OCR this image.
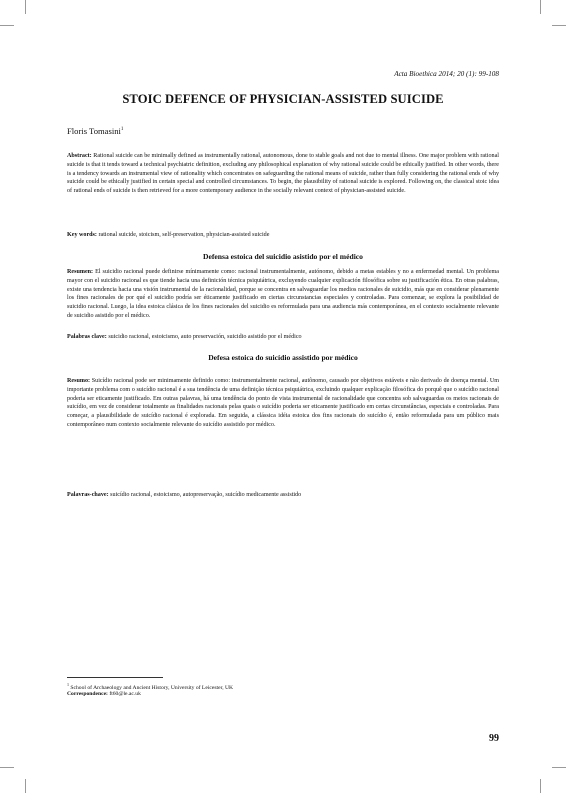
Acta Bioethica 2014; 20 (1): 99-108
STOIC DEFENCE OF PHYSICIAN-ASSISTED SUICIDE
Floris Tomasini$^1$
Abstract: Rational suicide can be minimally defined as instrumentally rational, autonomous, done to stable goals and not due to mental illness. One major problem with rational suicide is that it tends toward a technical psychiatric definition, excluding any philosophical explanation of why rational suicide could be ethically justified. In other words, there is a tendency towards an instrumental view of rationality which concentrates on safeguarding the rational means of suicide, rather than fully considering the rational ends of why suicide could be ethically justified in certain special and controlled circumstances. To begin, the plausibility of rational suicide is explored. Following on, the classical stoic idea of rational ends of suicide is then retrieved for a more contemporary audience in the socially relevant context of physician-assisted suicide.
Key words: rational suicide, stoicism, self-preservation, physician-assisted suicide
Defensa estoica del suicidio asistido por el médico
Resumen: El suicidio racional puede definirse mínimamente como: racional instrumentalmente, autónomo, debido a metas estables y no a enfermedad mental. Un problema mayor con el suicidio racional es que tiende hacia una definición técnica psiquiátrica, excluyendo cualquier explicación filosófica sobre su justificación ética. En otras palabras, existe una tendencia hacia una visión instrumental de la racionalidad, porque se concentra en salvaguardar los medios racionales de suicidio, más que en considerar plenamente los fines racionales de por qué el suicidio podría ser éticamente justificado en ciertas circunstancias especiales y controladas. Para comenzar, se explora la posibilidad de suicidio racional. Luego, la idea estoica clásica de los fines racionales del suicidio es reformulada para una audiencia más contemporánea, en el contexto socialmente relevante de suicidio asistido por el médico.
Palabras clave: suicidio racional, estoicismo, auto preservación, suicidio asistido por el médico
Defesa estoica do suicídio assistido por médico
Resumo: Suicídio racional pode ser minimamente definido como: instrumentalmente racional, autônomo, causado por objetivos estáveis e não derivado de doença mental. Um importante problema com o suicídio racional é a sua tendência de uma definição técnica psiquiátrica, excluindo qualquer explicação filosófica do porquê que o suicídio racional poderia ser eticamente justificado. Em outras palavras, há uma tendência do ponto de vista instrumental de racionalidade que concentra sob salvaguardas os meios racionais de suicídio, em vez de considerar totalmente as finalidades racionais pelas quais o suicídio poderia ser eticamente justificado em certas circunstâncias, especiais e controladas. Para começar, a plausibilidade de suicídio racional é explorada. Em seguida, a clássica idéia estoica dos fins racionais do suicídio é, então reformulada para um público mais contemporâneo num contexto socialmente relevante do suicídio assistido por médico.
Palavras-chave: suicídio racional, estoicismo, autopreservação, suicídio medicamente assistido
$^1$ School of Archaeology and Ancient History, University of Leicester, UK
Correspondence: ft60@le.ac.uk
99
